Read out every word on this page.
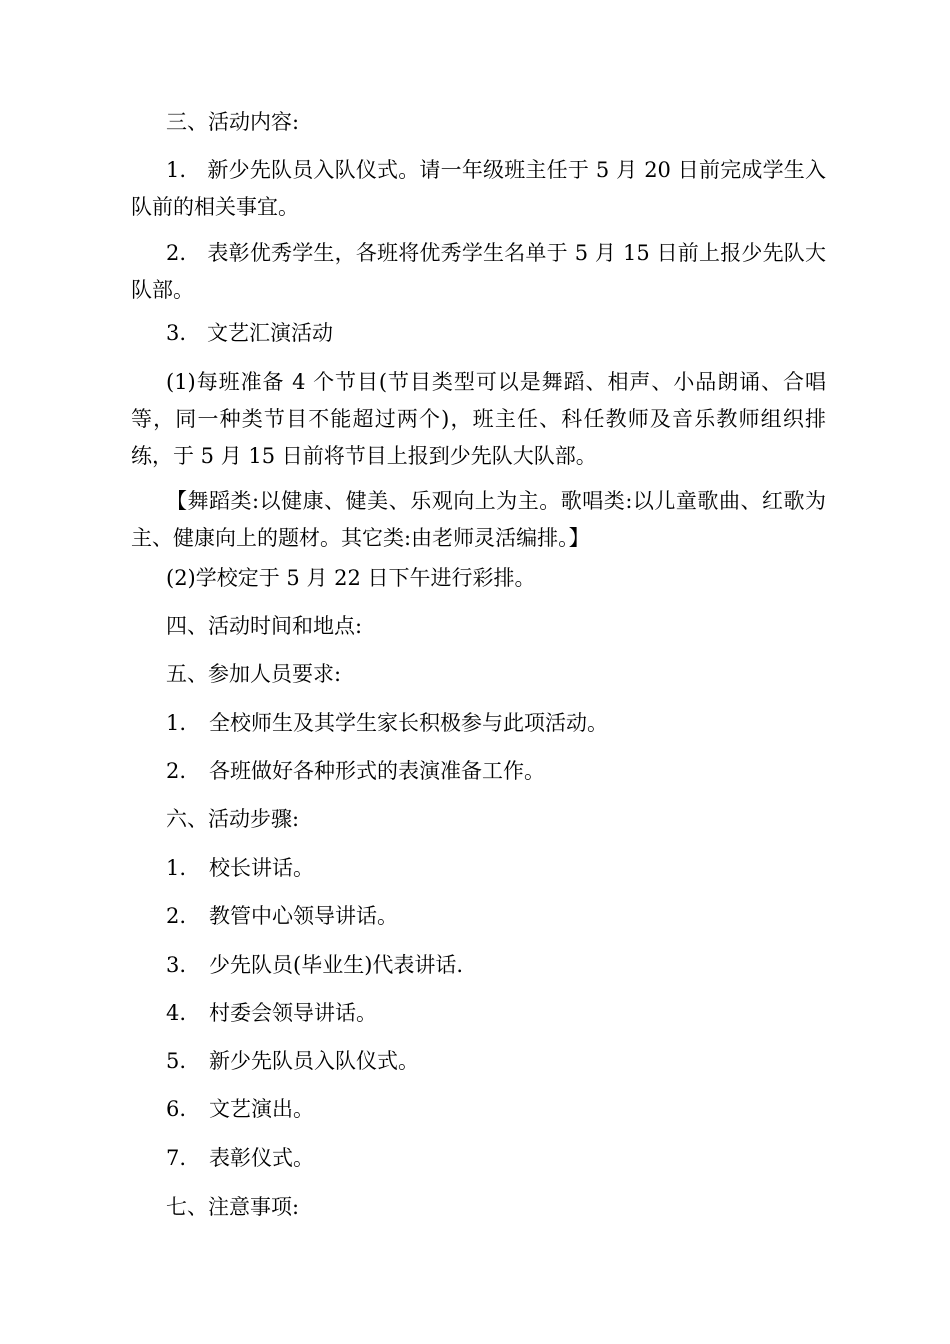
三、活动内容:

1.　新少先队员入队仪式。请一年级班主任于 5 月 20 日前完成学生入队前的相关事宜。

2.　表彰优秀学生，各班将优秀学生名单于 5 月 15 日前上报少先队大队部。

3.　文艺汇演活动

(1)每班准备 4 个节目(节目类型可以是舞蹈、相声、小品朗诵、合唱等，同一种类节目不能超过两个)，班主任、科任教师及音乐教师组织排练，于 5 月 15 日前将节目上报到少先队大队部。

【舞蹈类:以健康、健美、乐观向上为主。歌唱类:以儿童歌曲、红歌为主、健康向上的题材。其它类:由老师灵活编排。】

(2)学校定于 5 月 22 日下午进行彩排。

四、活动时间和地点:

五、参加人员要求:

1. 全校师生及其学生家长积极参与此项活动。

2. 各班做好各种形式的表演准备工作。

六、活动步骤:

1. 校长讲话。

2. 教管中心领导讲话。

3. 少先队员(毕业生)代表讲话.

4. 村委会领导讲话。

5. 新少先队员入队仪式。

6. 文艺演出。

7. 表彰仪式。

七、注意事项:
